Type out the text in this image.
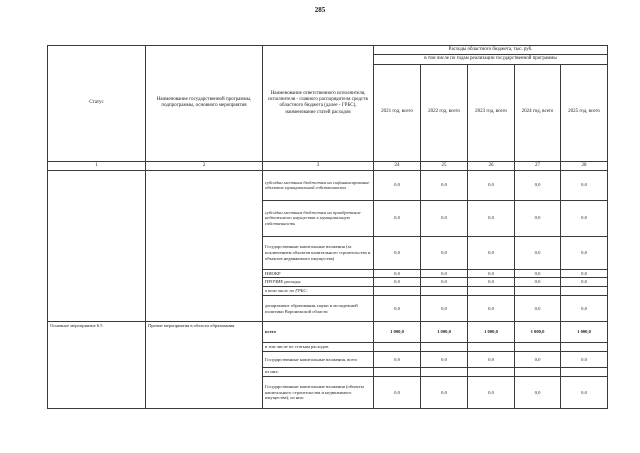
285
Статус	Наименование государственной программы, подпрограммы, основного мероприятия	Наименование ответственного исполнителя, исполнителя - главного распорядителя средств областного бюджета (далее - ГРБС), наименование статей расходов	Расходы областного бюджета, тыс. руб.				
			в том числе по годам реализации государственной программы				
			2021 год, всего	2022 год, всего	2023 год, всего	2024 год, всего	2025 год, всего
1	2	3	24	25	26	27	28
		субсидии местным бюджетам на софинансирование объектов муниципальной собственности	0,0	0,0	0,0	0,0	0,0
		субсидии местным бюджетам на приобретение недвижимого имущества в муниципальную собственность	0,0	0,0	0,0	0,0	0,0
		Государственные капитальные вложения (за исключением объектов капитального строительства и объектов недвижимого имущества)	0,0	0,0	0,0	0,0	0,0
		НИОКР	0,0	0,0	0,0	0,0	0,0
		ПРОЧИЕ расходы	0,0	0,0	0,0	0,0	0,0
		в том числе по ГРБС:					
		департамент образования, науки и молодежной политики Воронежской области	0,0	0,0	0,0	0,0	0,0
Основное мероприятие 6.5	Прочие мероприятия в области образования	всего	1 000,0	1 000,0	1 000,0	1 000,0	1 000,0
		в том числе по статьям расходов					
		Государственные капитальные вложения, всего	0,0	0,0	0,0	0,0	0,0
		из них:					
		Государственные капитальные вложения (объекты капитального строительства и недвижимого имущества), из них:	0,0	0,0	0,0	0,0	0,0
